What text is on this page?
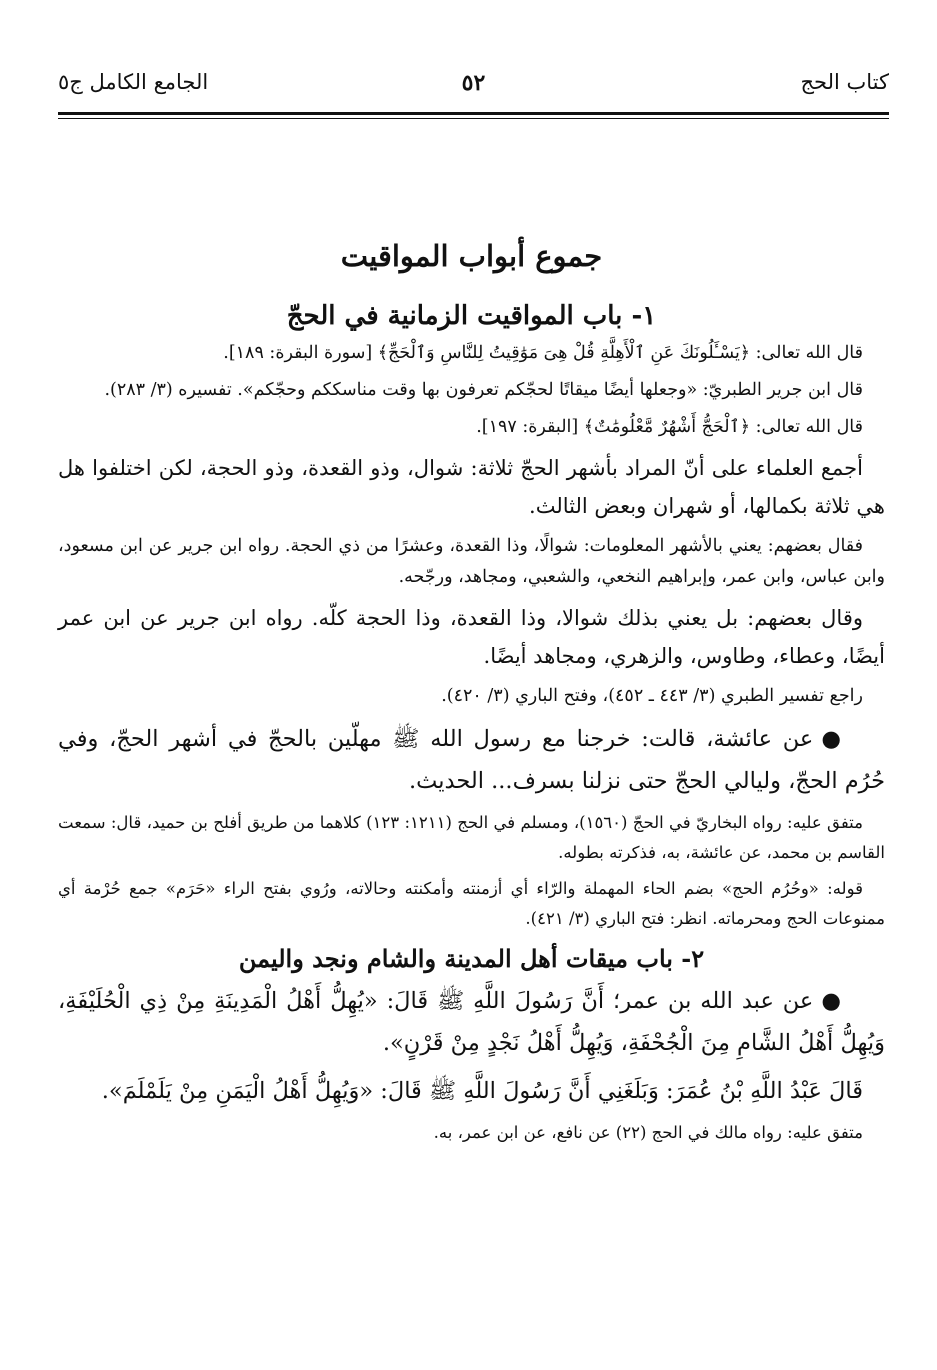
كتاب الحج
٥٢
الجامع الكامل ج٥
جموع أبواب المواقيت
١- باب المواقيت الزمانية في الحجّ

قال الله تعالى: ﴿يَسْـَٔلُونَكَ عَنِ ٱلْأَهِلَّةِ قُلْ هِىَ مَوَٰقِيتُ لِلنَّاسِ وَٱلْحَجِّ﴾ [سورة البقرة: ١٨٩].

قال ابن جرير الطبريّ: «وجعلها أيضًا ميقاتًا لحجّكم تعرفون بها وقت مناسككم وحجّكم». تفسيره (٣/ ٢٨٣).

قال الله تعالى: ﴿ٱلْحَجُّ أَشْهُرٌ مَّعْلُومَٰتٌ﴾ [البقرة: ١٩٧].

أجمع العلماء على أنّ المراد بأشهر الحجّ ثلاثة: شوال، وذو القعدة، وذو الحجة، لكن اختلفوا هل هي ثلاثة بكمالها، أو شهران وبعض الثالث.

فقال بعضهم: يعني بالأشهر المعلومات: شوالًا، وذا القعدة، وعشرًا من ذي الحجة. رواه ابن جرير عن ابن مسعود، وابن عباس، وابن عمر، وإبراهيم النخعي، والشعبي، ومجاهد، ورجّحه.

وقال بعضهم: بل يعني بذلك شوالا، وذا القعدة، وذا الحجة كلّه. رواه ابن جرير عن ابن عمر أيضًا، وعطاء، وطاوس، والزهري، ومجاهد أيضًا.

راجع تفسير الطبري (٣/ ٤٤٣ ـ ٤٥٢)، وفتح الباري (٣/ ٤٢٠).

●عن عائشة، قالت: خرجنا مع رسول الله ﷺ مهلّين بالحجّ في أشهر الحجّ، وفي حُرُم الحجّ، وليالي الحجّ حتى نزلنا بسرف... الحديث.

متفق عليه: رواه البخاريّ في الحجّ (١٥٦٠)، ومسلم في الحج (١٢١١: ١٢٣) كلاهما من طريق أفلح بن حميد، قال: سمعت القاسم بن محمد، عن عائشة، به، فذكرته بطوله.

قوله: «وحُرُم الحج» بضم الحاء المهملة والرّاء أي أزمنته وأمكنته وحالاته، ورُوي بفتح الراء «حَرَم» جمع حُرْمة أي ممنوعات الحج ومحرماته. انظر: فتح الباري (٣/ ٤٢١).

٢- باب ميقات أهل المدينة والشام ونجد واليمن

●عن عبد الله بن عمر؛ أَنَّ رَسُولَ اللَّهِ ﷺ قَالَ: «يُهِلُّ أَهْلُ الْمَدِينَةِ مِنْ ذِي الْحُلَيْفَةِ، وَيُهِلُّ أَهْلُ الشَّامِ مِنَ الْجُحْفَةِ، وَيُهِلُّ أَهْلُ نَجْدٍ مِنْ قَرْنٍ».

قَالَ عَبْدُ اللَّهِ بْنُ عُمَرَ: وَبَلَغَنِي أَنَّ رَسُولَ اللَّهِ ﷺ قَالَ: «وَيُهِلُّ أَهْلُ الْيَمَنِ مِنْ يَلَمْلَمَ».

متفق عليه: رواه مالك في الحج (٢٢) عن نافع، عن ابن عمر، به.
